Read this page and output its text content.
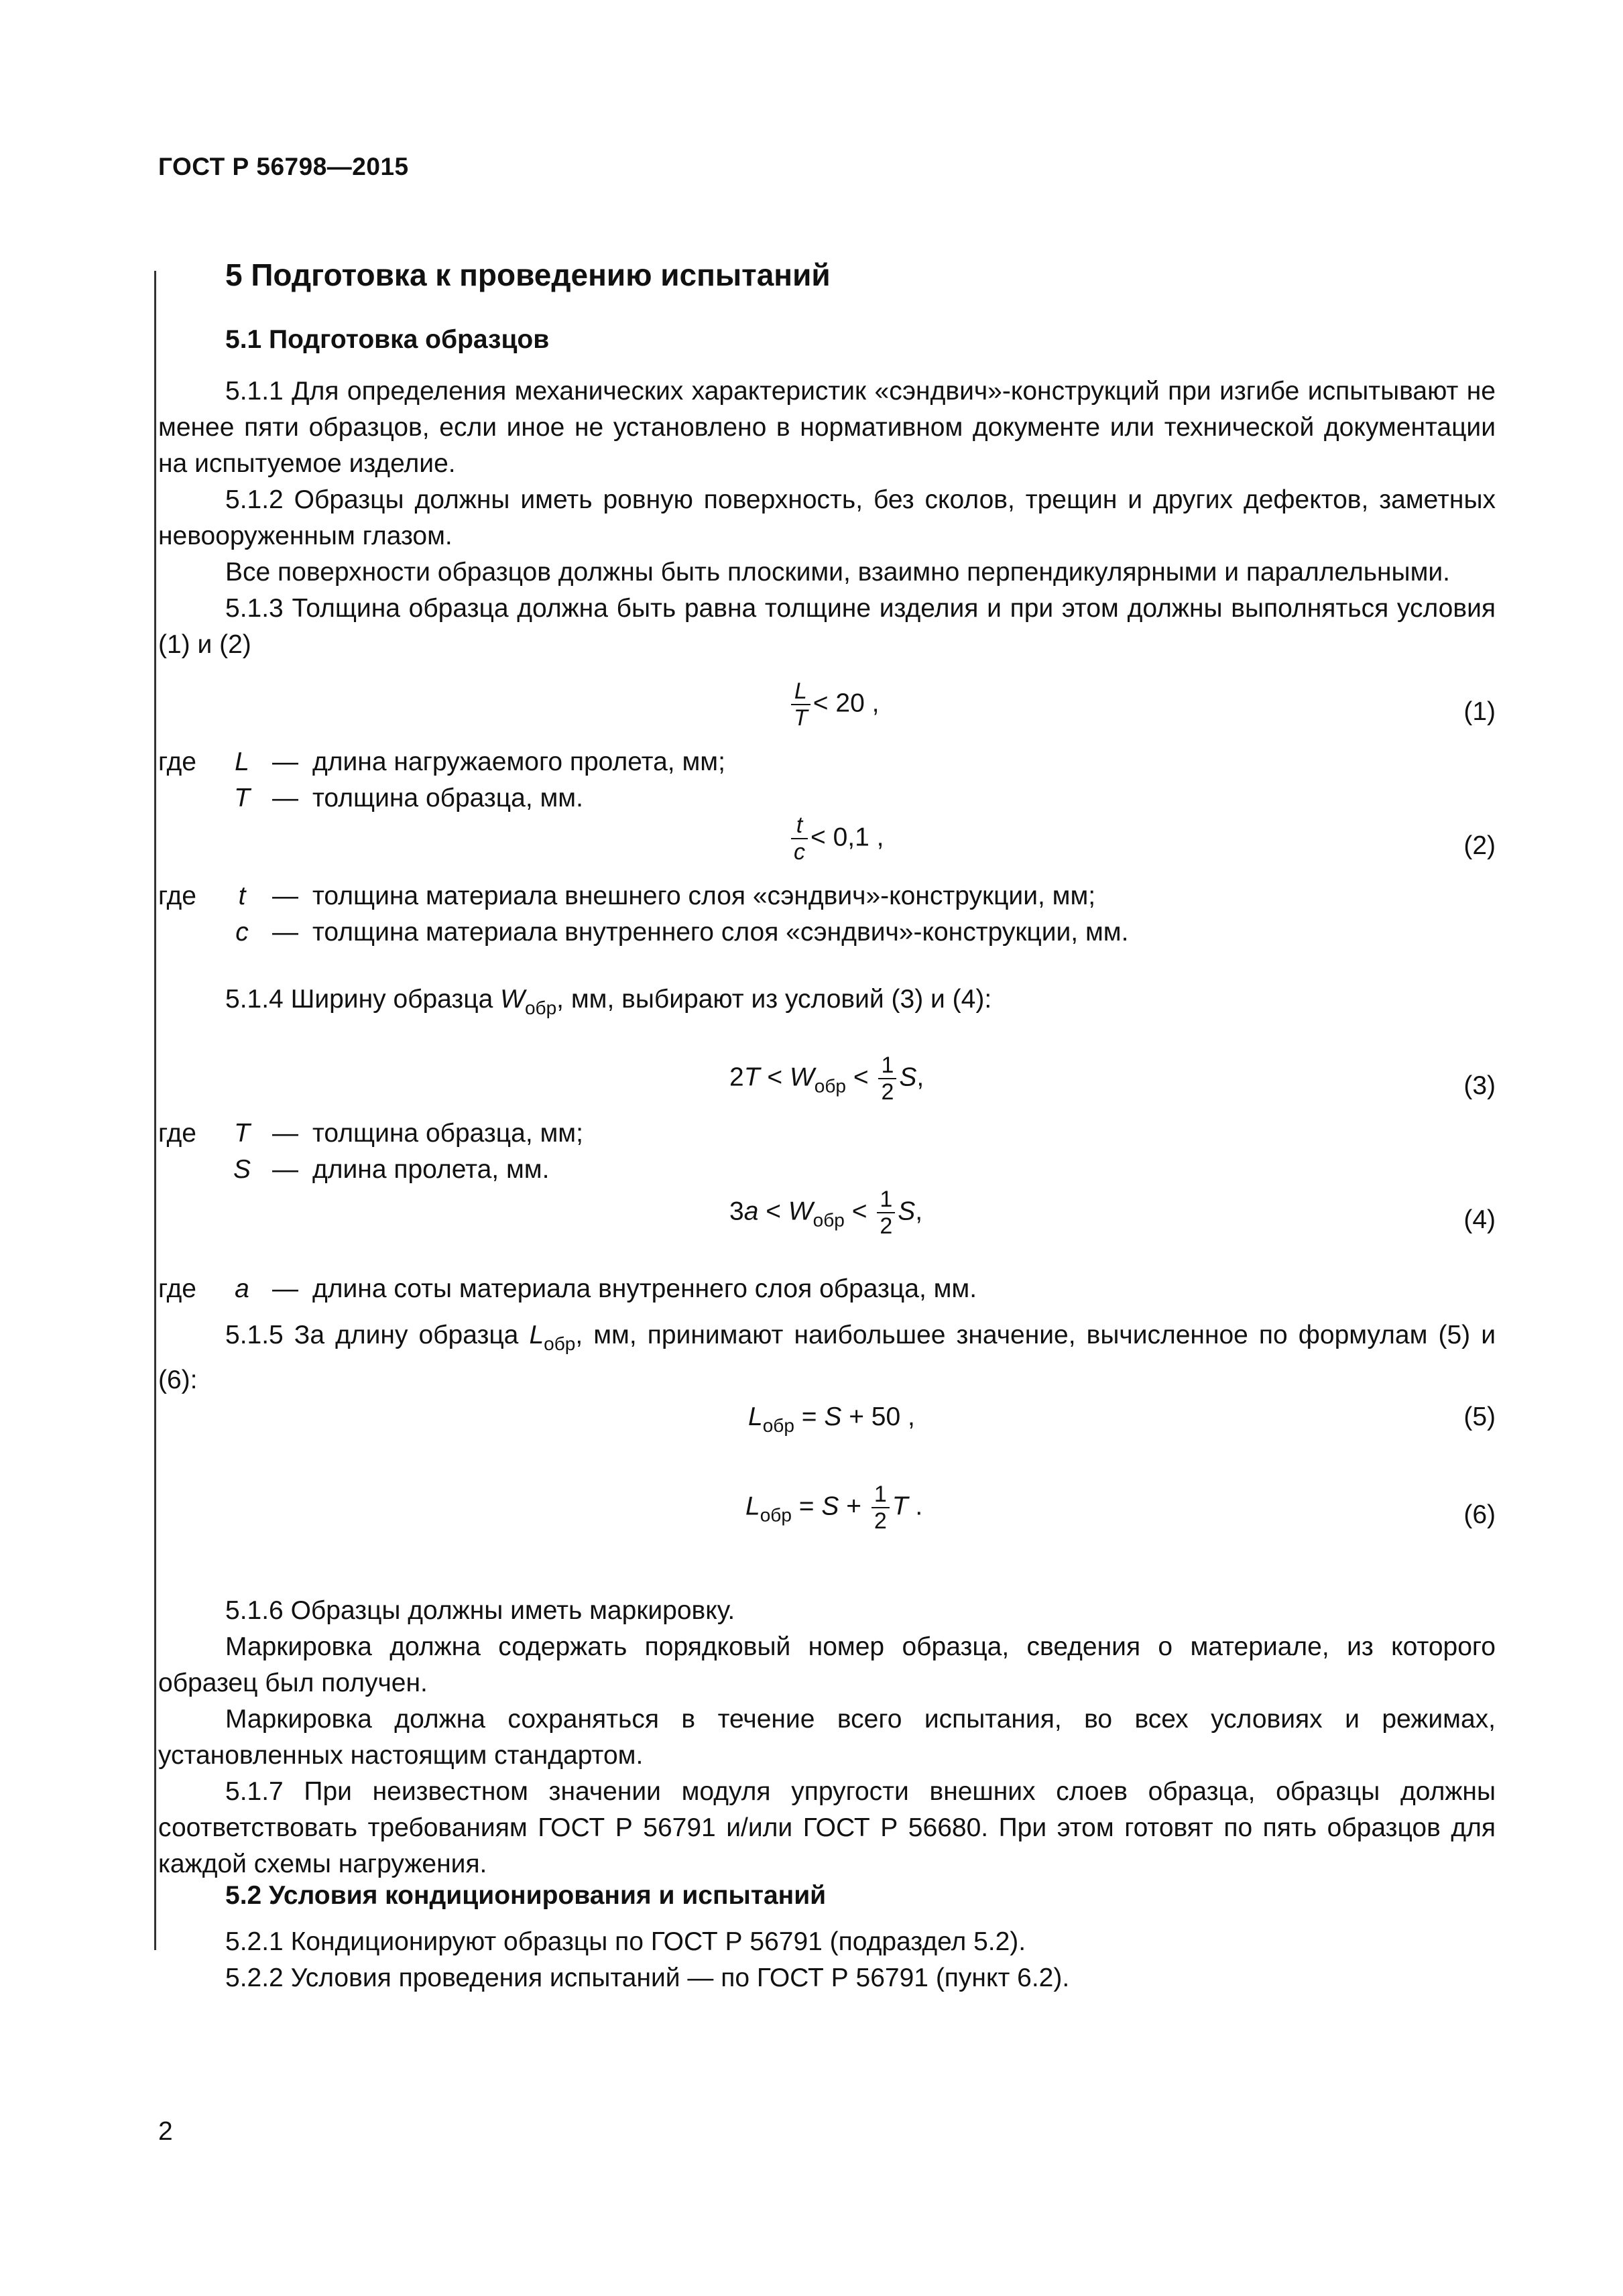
ГОСТ Р 56798—2015
5 Подготовка к проведению испытаний
5.1 Подготовка образцов

5.1.1 Для определения механических характеристик «сэндвич»-конструкций при изгибе испытывают не менее пяти образцов, если иное не установлено в нормативном документе или технической документации на испытуемое изделие.

5.1.2 Образцы должны иметь ровную поверхность, без сколов, трещин и других дефектов, заметных невооруженным глазом.

Все поверхности образцов должны быть плоскими, взаимно перпендикулярными и параллельными.

5.1.3 Толщина образца должна быть равна толщине изделия и при этом должны выполняться условия (1) и (2)

$\frac{L}{T} < 20$ ,	(1)
где	L — длина нагружаемого пролета, мм;
T — толщина образца, мм.
$\frac{t}{c} < 0,1$ ,	(2)
где	t	— толщина материала внешнего слоя «сэндвич»-конструкции, мм;
c — толщина материала внутреннего слоя «сэндвич»-конструкции, мм.

5.1.4 Ширину образца $W_{обр}$, мм, выбирают из условий (3) и (4):

$2T < W_{обр} < \frac{1}{2} S$,	(3)
где	T — толщина образца, мм;
S — длина пролета, мм.
$3a < W_{обр} < \frac{1}{2} S$,	(4)
где	a — длина соты материала внутреннего слоя образца, мм.

5.1.5 За длину образца $L_{обр}$, мм, принимают наибольшее значение, вычисленное по формулам (5) и (6):

$L_{обр} = S + 50$ ,	(5)
$L_{обр} = S + \frac{1}{2}$ T .	(6)

5.1.6 Образцы должны иметь маркировку.

Маркировка должна содержать порядковый номер образца, сведения о материале, из которого образец был получен.

Маркировка должна сохраняться в течение всего испытания, во всех условиях и режимах, установленных настоящим стандартом.

5.1.7 При неизвестном значении модуля упругости внешних слоев образца, образцы должны соответствовать требованиям ГОСТ Р 56791 и/или ГОСТ Р 56680. При этом готовят по пять образцов для каждой схемы нагружения.

5.2 Условия кондиционирования и испытаний

5.2.1 Кондиционируют образцы по ГОСТ Р 56791 (подраздел 5.2).

5.2.2 Условия проведения испытаний — по ГОСТ Р 56791 (пункт 6.2).

2
